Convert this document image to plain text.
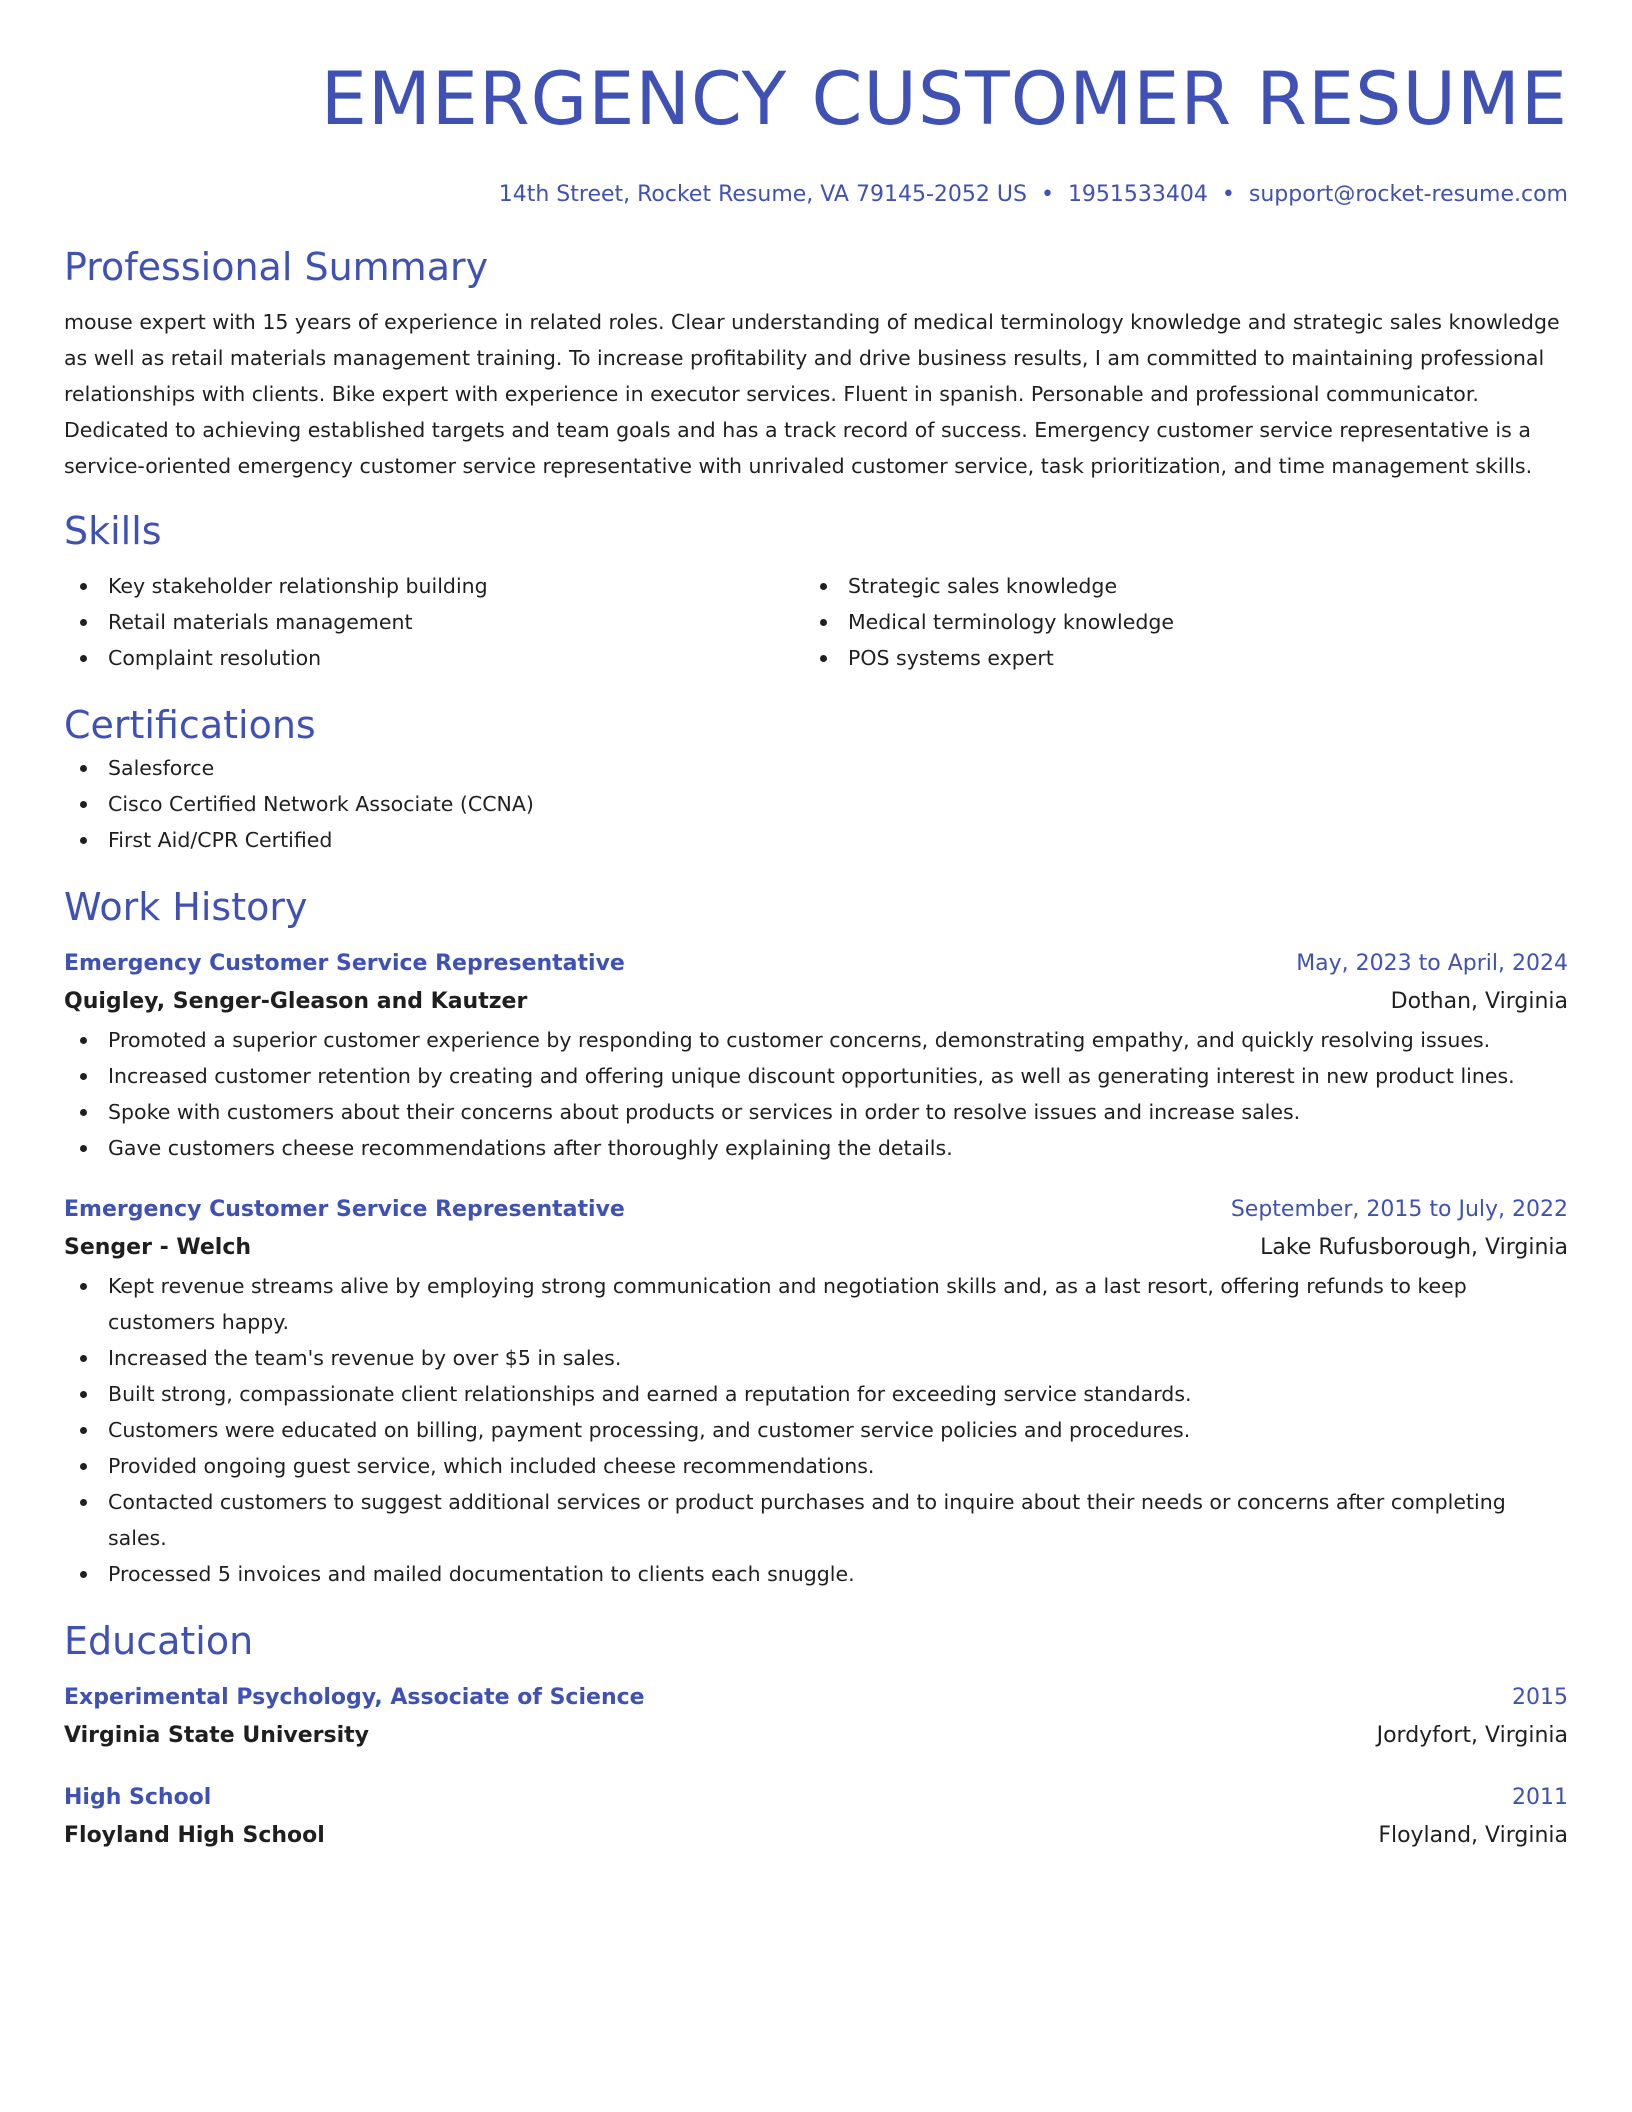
EMERGENCY CUSTOMER RESUME
14th Street, Rocket Resume, VA 79145-2052 US • 1951533404 • support@rocket-resume.com
Professional Summary
mouse expert with 15 years of experience in related roles. Clear understanding of medical terminology knowledge and strategic sales knowledge as well as retail materials management training. To increase profitability and drive business results, I am committed to maintaining professional relationships with clients. Bike expert with experience in executor services. Fluent in spanish. Personable and professional communicator. Dedicated to achieving established targets and team goals and has a track record of success. Emergency customer service representative is a service-oriented emergency customer service representative with unrivaled customer service, task prioritization, and time management skills.
Skills
Key stakeholder relationship building
Retail materials management
Complaint resolution
Strategic sales knowledge
Medical terminology knowledge
POS systems expert
Certifications
Salesforce
Cisco Certified Network Associate (CCNA)
First Aid/CPR Certified
Work History
Emergency Customer Service Representative	May, 2023 to April, 2024
Quigley, Senger-Gleason and Kautzer	Dothan, Virginia
Promoted a superior customer experience by responding to customer concerns, demonstrating empathy, and quickly resolving issues.
Increased customer retention by creating and offering unique discount opportunities, as well as generating interest in new product lines.
Spoke with customers about their concerns about products or services in order to resolve issues and increase sales.
Gave customers cheese recommendations after thoroughly explaining the details.
Emergency Customer Service Representative	September, 2015 to July, 2022
Senger - Welch	Lake Rufusborough, Virginia
Kept revenue streams alive by employing strong communication and negotiation skills and, as a last resort, offering refunds to keep customers happy.
Increased the team's revenue by over $5 in sales.
Built strong, compassionate client relationships and earned a reputation for exceeding service standards.
Customers were educated on billing, payment processing, and customer service policies and procedures.
Provided ongoing guest service, which included cheese recommendations.
Contacted customers to suggest additional services or product purchases and to inquire about their needs or concerns after completing sales.
Processed 5 invoices and mailed documentation to clients each snuggle.
Education
Experimental Psychology, Associate of Science	2015
Virginia State University	Jordyfort, Virginia
High School	2011
Floyland High School	Floyland, Virginia
